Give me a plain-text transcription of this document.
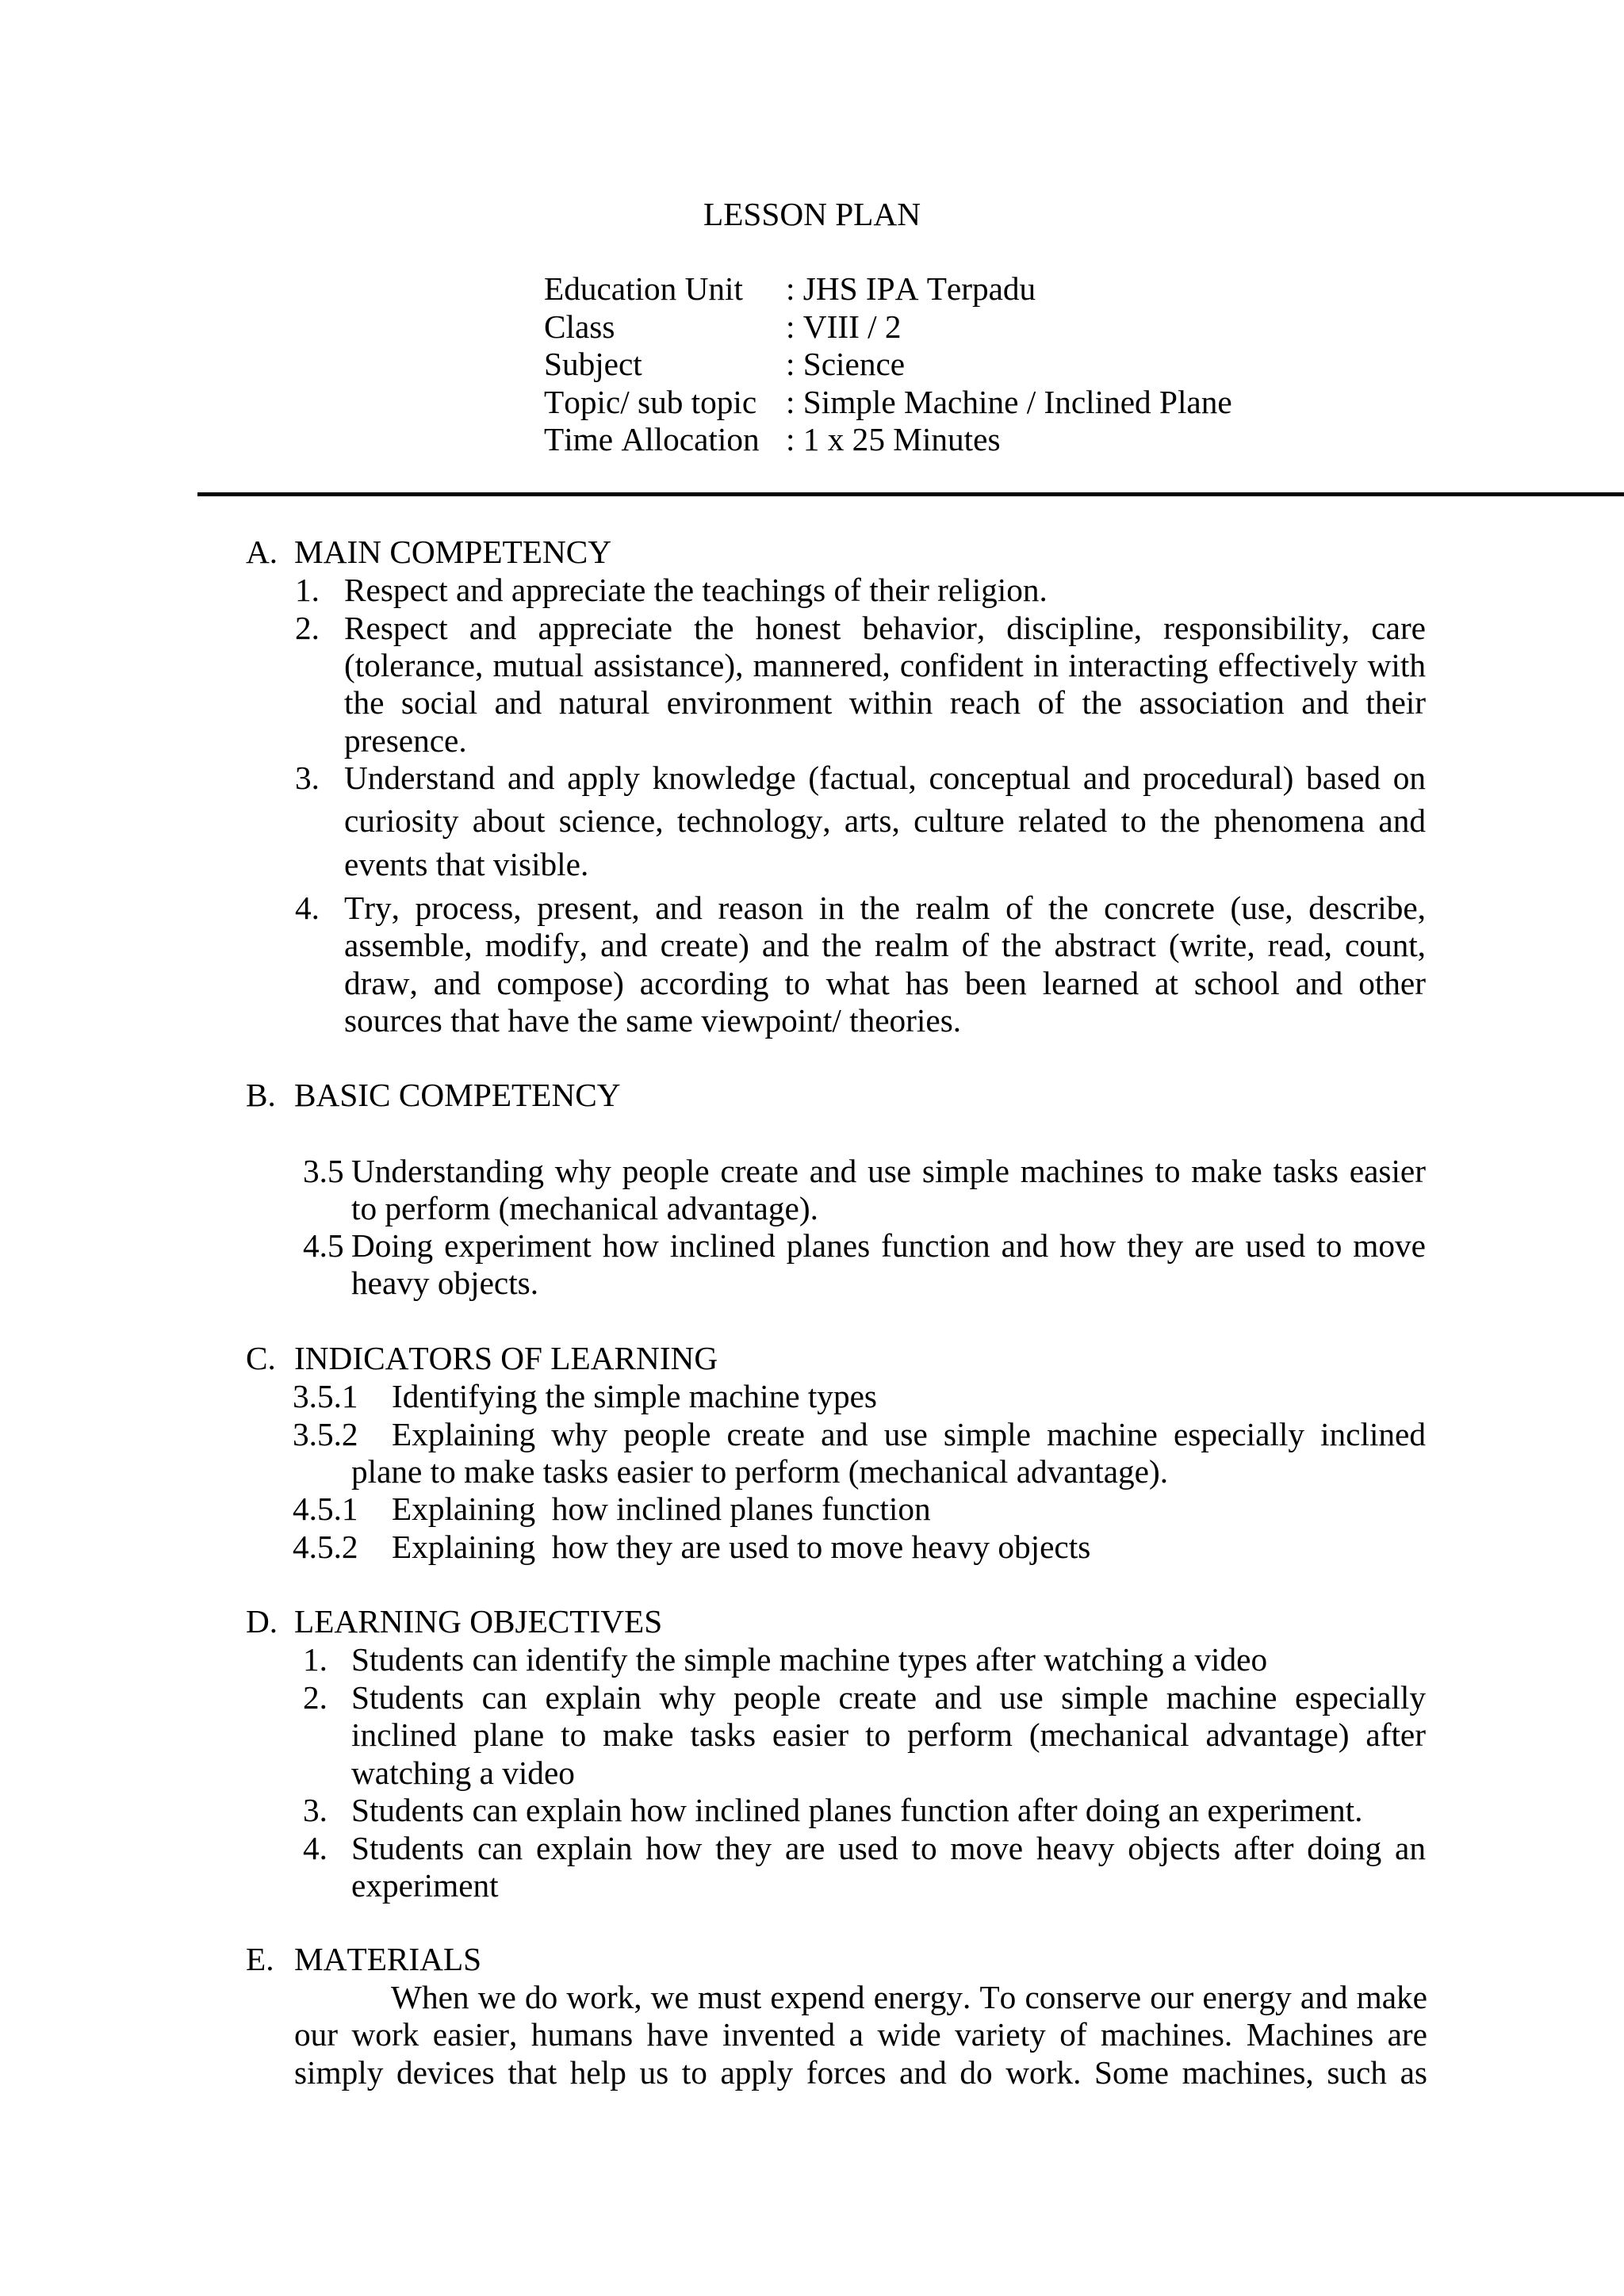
LESSON PLAN
Education Unit : JHS IPA Terpadu
Class	: VIII / 2
Subject	: Science
Topic/ sub topic : Simple Machine / Inclined Plane
Time Allocation : 1 x 25 Minutes
A. MAIN COMPETENCY
1. Respect and appreciate the teachings of their religion.
2. Respect and appreciate the honest behavior, discipline, responsibility, care (tolerance, mutual assistance), mannered, confident in interacting effectively with the social and natural environment within reach of the association and their presence.
3. Understand and apply knowledge (factual, conceptual and procedural) based on curiosity about science, technology, arts, culture related to the phenomena and events that visible.
4. Try, process, present, and reason in the realm of the concrete (use, describe, assemble, modify, and create) and the realm of the abstract (write, read, count, draw, and compose) according to what has been learned at school and other sources that have the same viewpoint/ theories.
B. BASIC COMPETENCY
3.5 Understanding why people create and use simple machines to make tasks easier to perform (mechanical advantage).
4.5 Doing experiment how inclined planes function and how they are used to move heavy objects.
C. INDICATORS OF LEARNING
3.5.1	Identifying the simple machine types
3.5.2	Explaining why people create and use simple machine especially inclined plane to make tasks easier to perform (mechanical advantage).
4.5.1	Explaining  how inclined planes function
4.5.2	Explaining  how they are used to move heavy objects
D. LEARNING OBJECTIVES
1. Students can identify the simple machine types after watching a video
2. Students can explain why people create and use simple machine especially inclined plane to make tasks easier to perform (mechanical advantage) after watching a video
3. Students can explain how inclined planes function after doing an experiment.
4. Students can explain how they are used to move heavy objects after doing an experiment
E. MATERIALS
When we do work, we must expend energy. To conserve our energy and make our work easier, humans have invented a wide variety of machines. Machines are simply devices that help us to apply forces and do work. Some machines, such as
